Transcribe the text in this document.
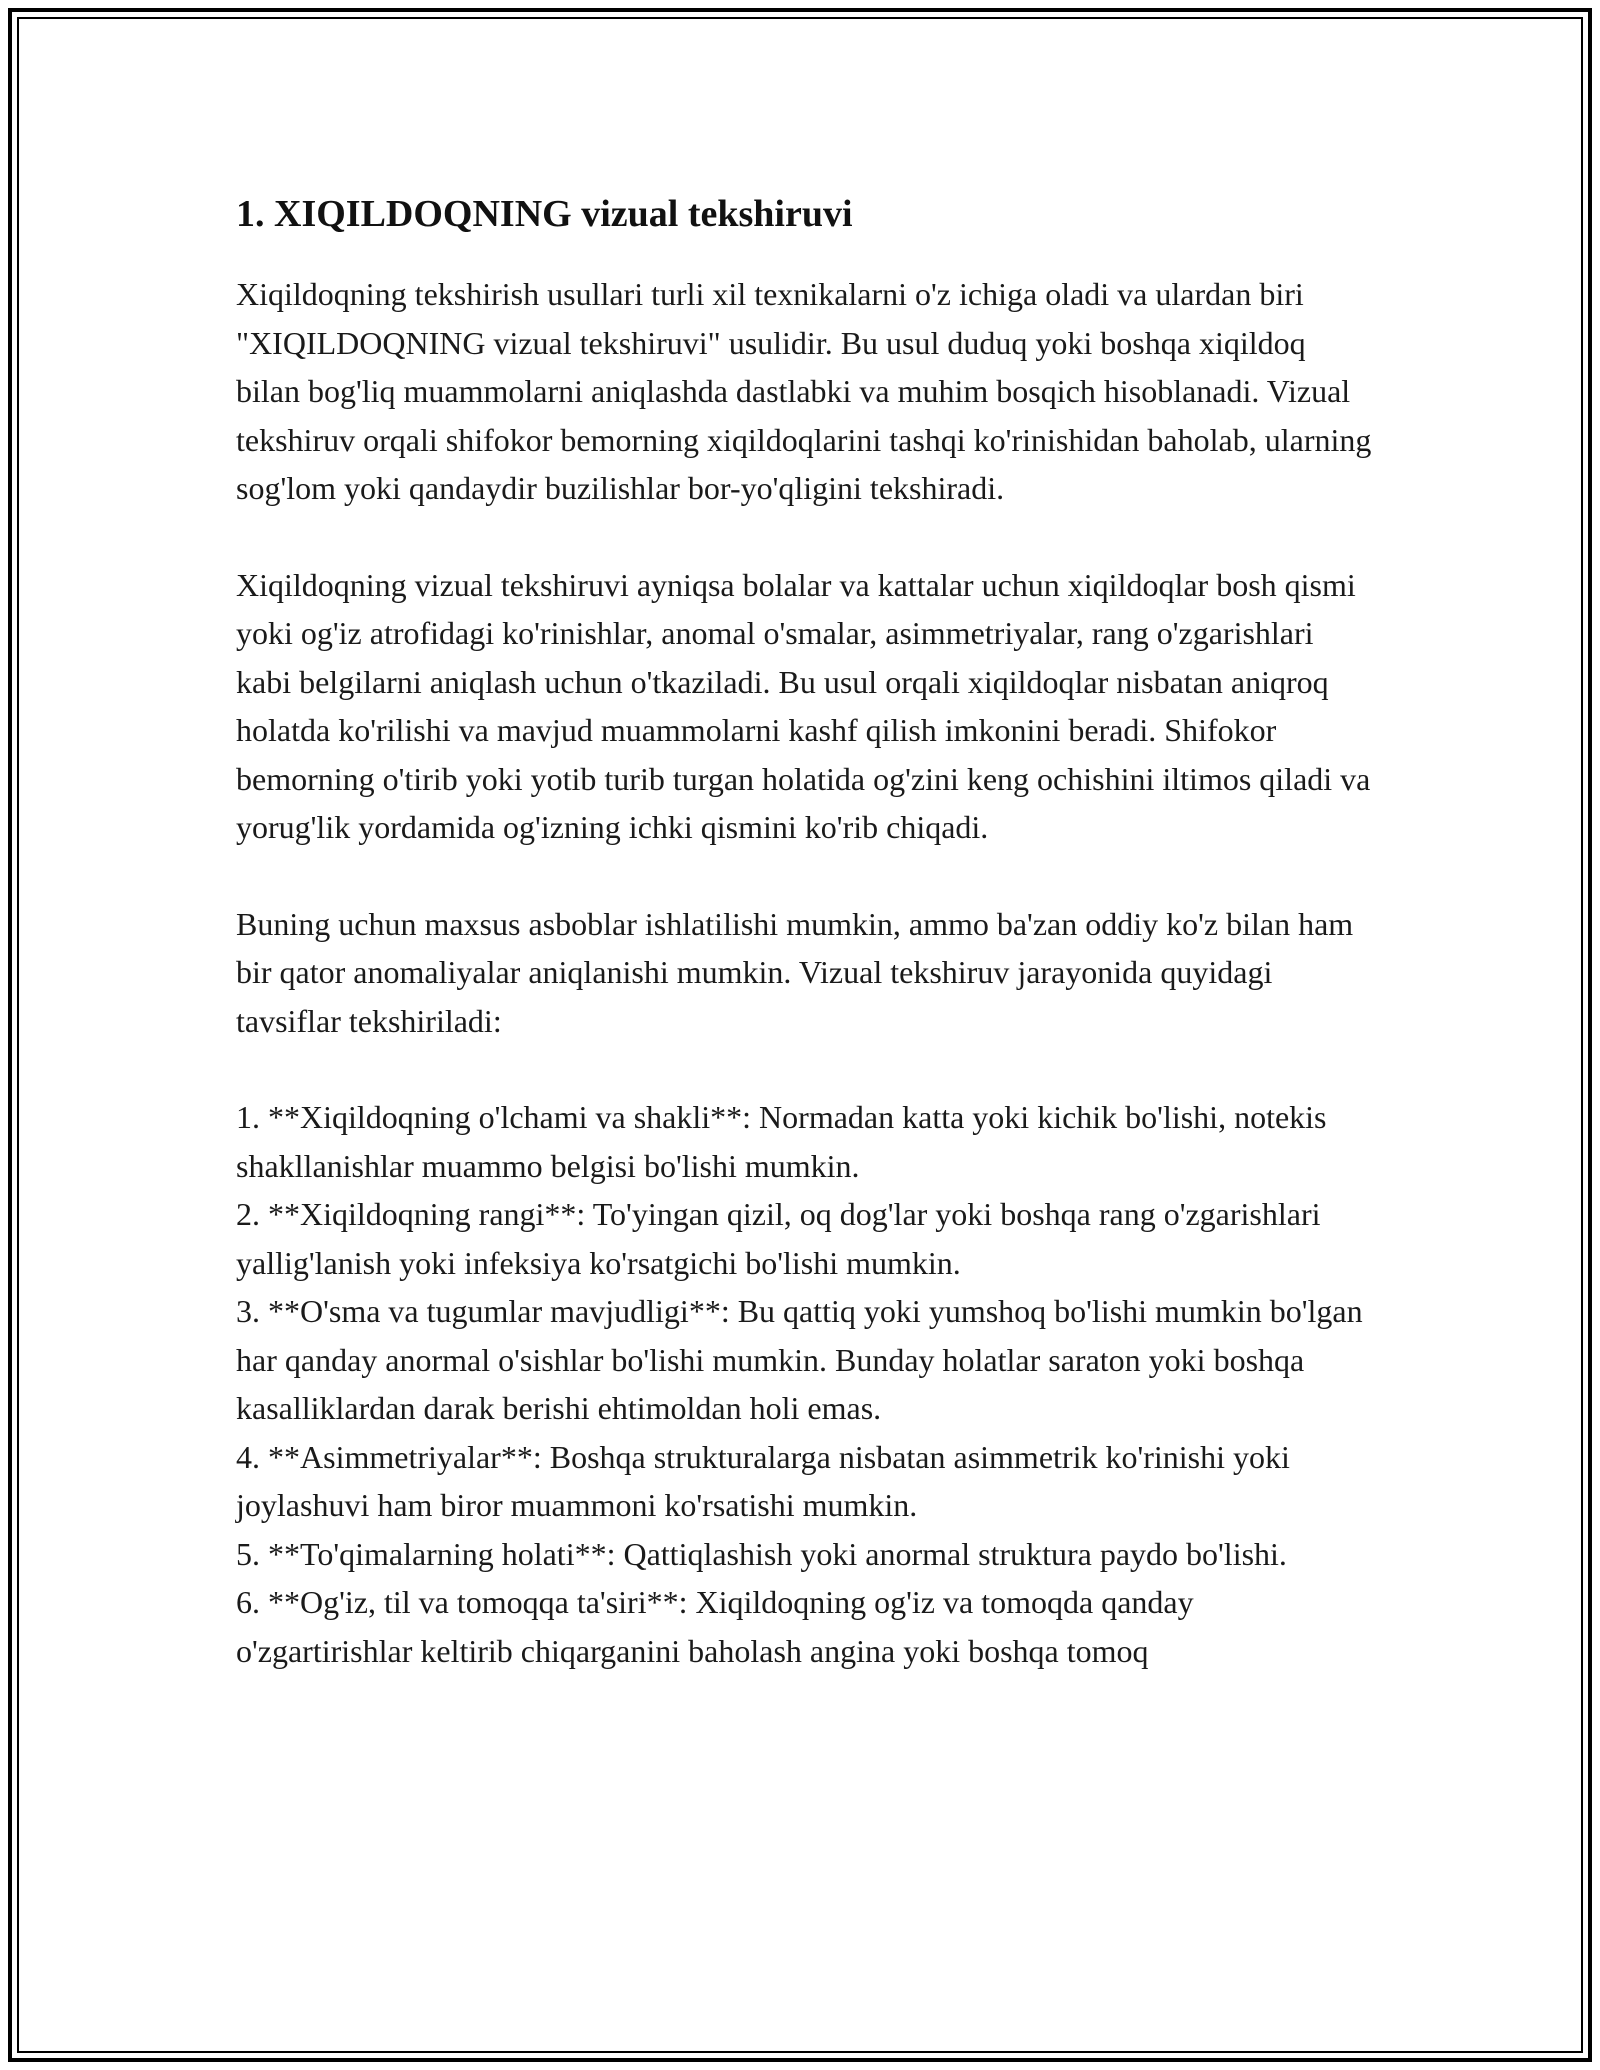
1. XIQILDOQNING vizual tekshiruvi

Xiqildoqning tekshirish usullari turli xil texnikalarni o'z ichiga oladi va ulardan biri "XIQILDOQNING vizual tekshiruvi" usulidir. Bu usul duduq yoki boshqa xiqildoq bilan bog'liq muammolarni aniqlashda dastlabki va muhim bosqich hisoblanadi. Vizual tekshiruv orqali shifokor bemorning xiqildoqlarini tashqi ko'rinishidan baholab, ularning sog'lom yoki qandaydir buzilishlar bor-yo'qligini tekshiradi.

Xiqildoqning vizual tekshiruvi ayniqsa bolalar va kattalar uchun xiqildoqlar bosh qismi yoki og'iz atrofidagi ko'rinishlar, anomal o'smalar, asimmetriyalar, rang o'zgarishlari kabi belgilarni aniqlash uchun o'tkaziladi. Bu usul orqali xiqildoqlar nisbatan aniqroq holatda ko'rilishi va mavjud muammolarni kashf qilish imkonini beradi. Shifokor bemorning o'tirib yoki yotib turib turgan holatida og'zini keng ochishini iltimos qiladi va yorug'lik yordamida og'izning ichki qismini ko'rib chiqadi.

Buning uchun maxsus asboblar ishlatilishi mumkin, ammo ba'zan oddiy ko'z bilan ham bir qator anomaliyalar aniqlanishi mumkin. Vizual tekshiruv jarayonida quyidagi tavsiflar tekshiriladi:

1. **Xiqildoqning o'lchami va shakli**: Normadan katta yoki kichik bo'lishi, notekis shakllanishlar muammo belgisi bo'lishi mumkin.

2. **Xiqildoqning rangi**: To'yingan qizil, oq dog'lar yoki boshqa rang o'zgarishlari yallig'lanish yoki infeksiya ko'rsatgichi bo'lishi mumkin.

3. **O'sma va tugumlar mavjudligi**: Bu qattiq yoki yumshoq bo'lishi mumkin bo'lgan har qanday anormal o'sishlar bo'lishi mumkin. Bunday holatlar saraton yoki boshqa kasalliklardan darak berishi ehtimoldan holi emas.

4. **Asimmetriyalar**: Boshqa strukturalarga nisbatan asimmetrik ko'rinishi yoki joylashuvi ham biror muammoni ko'rsatishi mumkin.

5. **To'qimalarning holati**: Qattiqlashish yoki anormal struktura paydo bo'lishi.

6. **Og'iz, til va tomoqqa ta'siri**: Xiqildoqning og'iz va tomoqda qanday o'zgartirishlar keltirib chiqarganini baholash angina yoki boshqa tomoq
